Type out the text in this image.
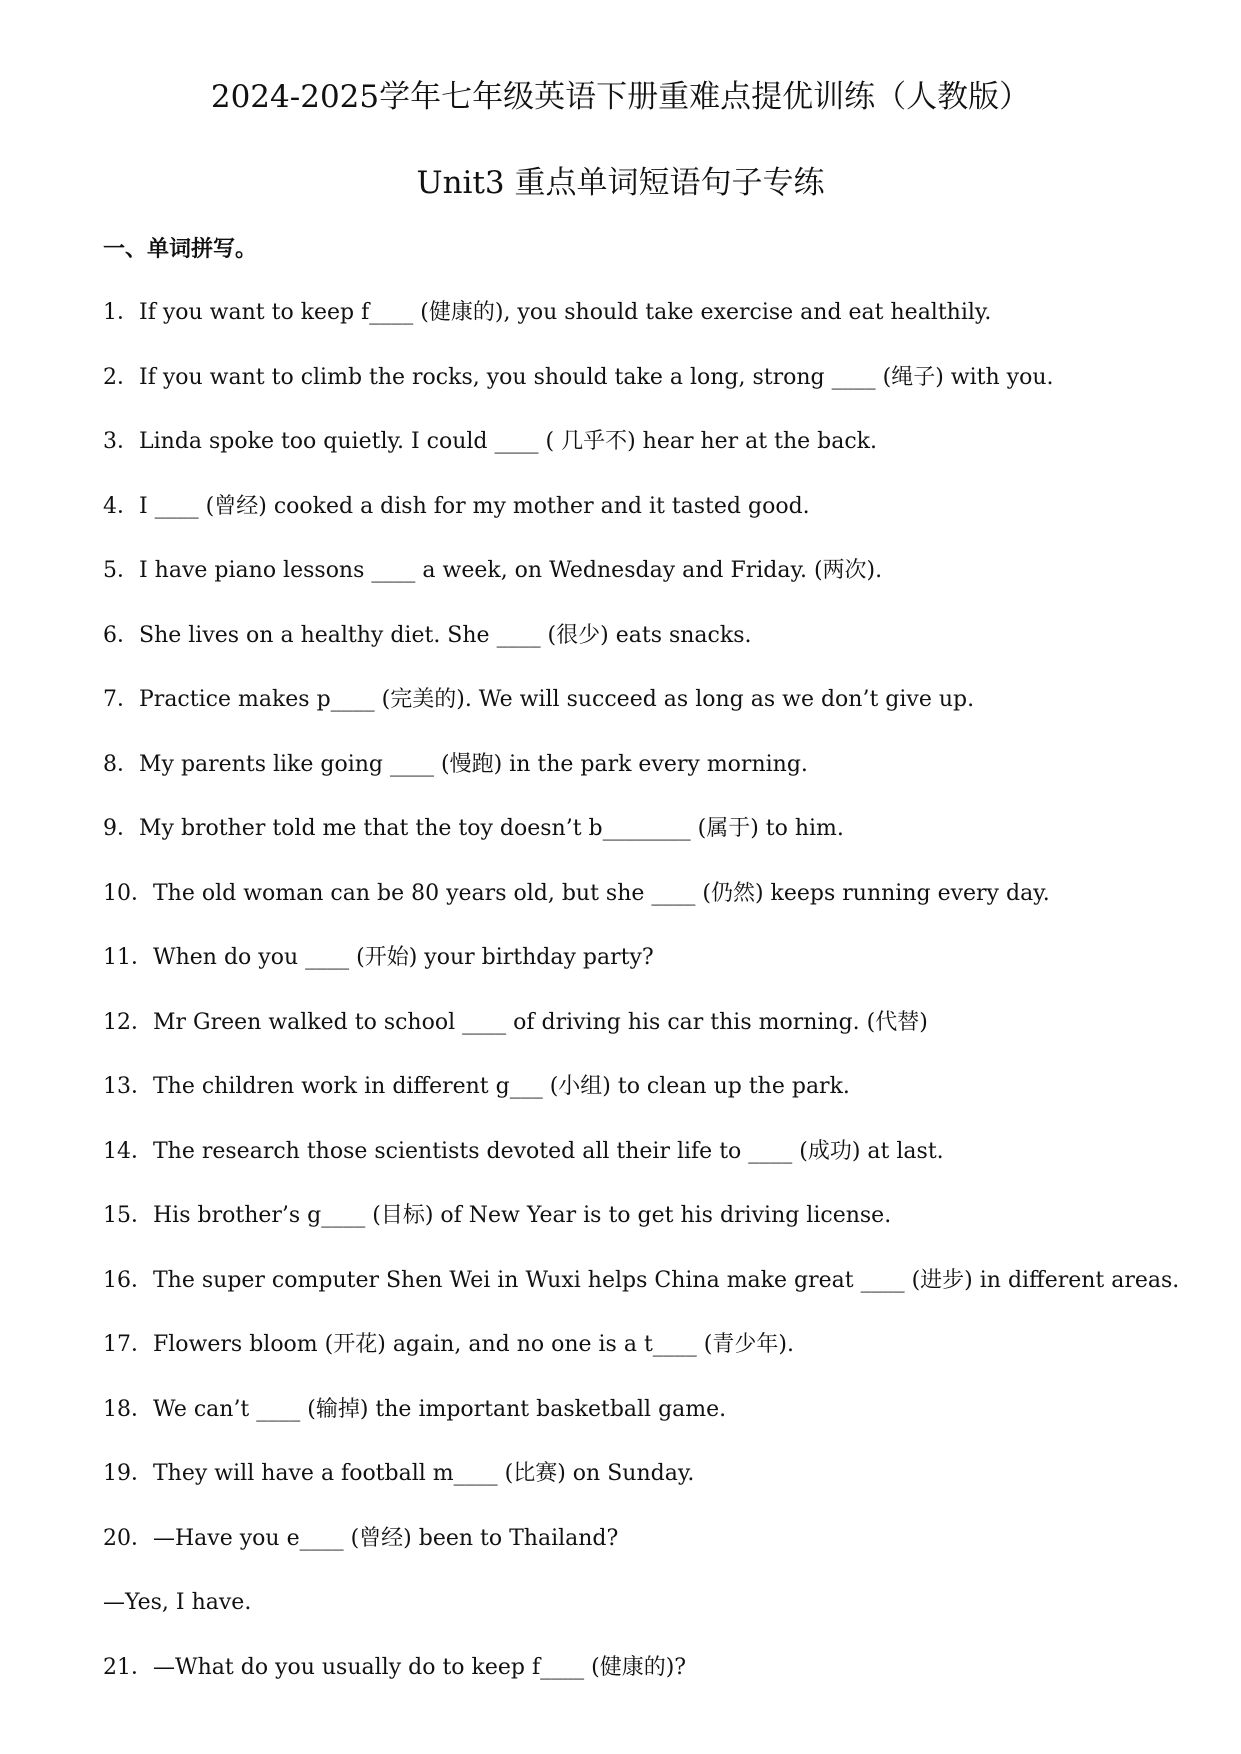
2024-2025学年七年级英语下册重难点提优训练（人教版）
Unit3 重点单词短语句子专练
一、单词拼写。
1．If you want to keep f____ (健康的), you should take exercise and eat healthily.
2．If you want to climb the rocks, you should take a long, strong ____ (绳子) with you.
3．Linda spoke too quietly. I could ____ ( 几乎不) hear her at the back.
4．I ____ (曾经) cooked a dish for my mother and it tasted good.
5．I have piano lessons ____ a week, on Wednesday and Friday. (两次).
6．She lives on a healthy diet. She ____ (很少) eats snacks.
7．Practice makes p____ (完美的). We will succeed as long as we don’t give up.
8．My parents like going ____ (慢跑) in the park every morning.
9．My brother told me that the toy doesn’t b________ (属于) to him.
10．The old woman can be 80 years old, but she ____ (仍然) keeps running every day.
11．When do you ____ (开始) your birthday party?
12．Mr Green walked to school ____ of driving his car this morning. (代替)
13．The children work in different g___ (小组) to clean up the park.
14．The research those scientists devoted all their life to ____ (成功) at last.
15．His brother’s g____ (目标) of New Year is to get his driving license.
16．The super computer Shen Wei in Wuxi helps China make great ____ (进步) in different areas.
17．Flowers bloom (开花) again, and no one is a t____ (青少年).
18．We can’t ____ (输掉) the important basketball game.
19．They will have a football m____ (比赛) on Sunday.
20．—Have you e____ (曾经) been to Thailand?
—Yes, I have.
21．—What do you usually do to keep f____ (健康的)?
